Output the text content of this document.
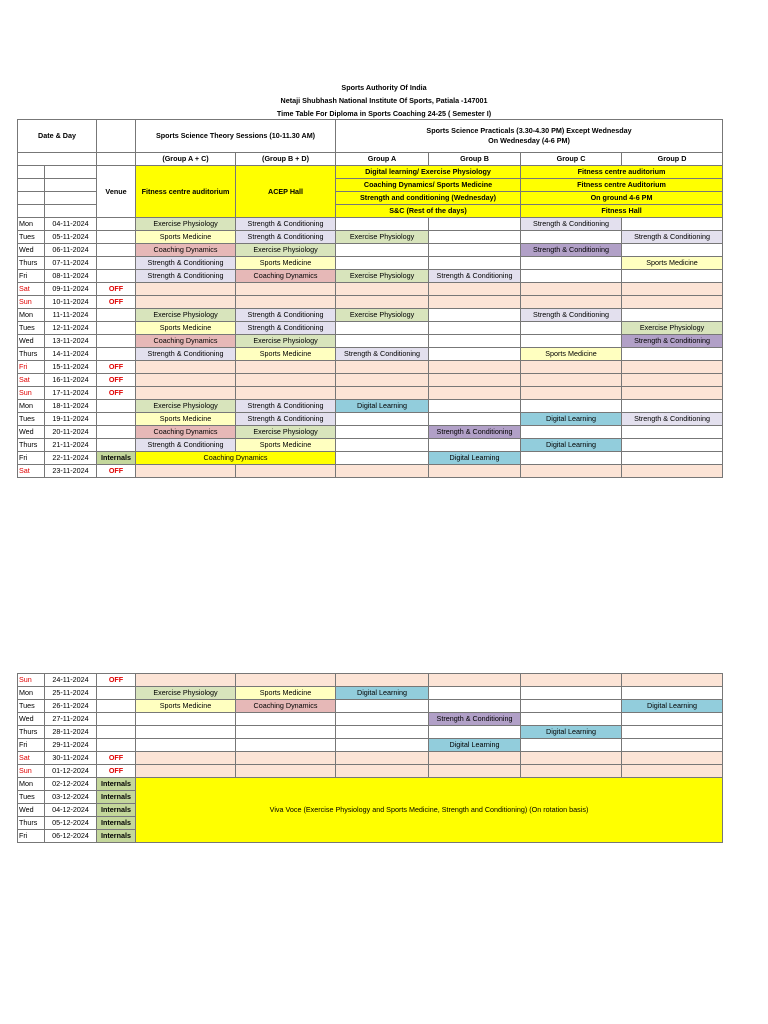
Sports Authority Of India
Netaji Shubhash National Institute Of Sports, Patiala -147001
Time Table For Diploma in Sports Coaching 24-25 ( Semester I)
Date & Day			Sports Science Theory Sessions (10-11.30 AM)		Sports Science Practicals (3.30-4.30 PM) Except Wednesday
On Wednesday (4-6 PM)			

			(Group A + C)	(Group B + D)	Group A	Group B	Group C	Group D
		Venue	Fitness centre auditorium	ACEP Hall	Digital learning/ Exercise Physiology		Fitness centre auditorium	
					Coaching Dynamics/ Sports Medicine		Fitness centre Auditorium	
					Strength and conditioning (Wednesday)		On ground 4-6 PM	
					S&C (Rest of the days)		Fitness Hall	
Mon	04-11-2024		Exercise Physiology	Strength & Conditioning			Strength & Conditioning	
Tues	05-11-2024		Sports Medicine	Strength & Conditioning	Exercise Physiology			Strength & Conditioning
Wed	06-11-2024		Coaching Dynamics	Exercise Physiology			Strength & Conditioning	
Thurs	07-11-2024		Strength & Conditioning	Sports Medicine				Sports Medicine
Fri	08-11-2024		Strength & Conditioning	Coaching Dynamics	Exercise Physiology	Strength & Conditioning		
Sat	09-11-2024	OFF						
Sun	10-11-2024	OFF						
Mon	11-11-2024		Exercise Physiology	Strength & Conditioning	Exercise Physiology		Strength & Conditioning	
Tues	12-11-2024		Sports Medicine	Strength & Conditioning				Exercise Physiology
Wed	13-11-2024		Coaching Dynamics	Exercise Physiology				Strength & Conditioning
Thurs	14-11-2024		Strength & Conditioning	Sports Medicine	Strength & Conditioning		Sports Medicine	
Fri	15-11-2024	OFF						
Sat	16-11-2024	OFF						
Sun	17-11-2024	OFF						
Mon	18-11-2024		Exercise Physiology	Strength & Conditioning	Digital Learning			
Tues	19-11-2024		Sports Medicine	Strength & Conditioning			Digital Learning	Strength & Conditioning
Wed	20-11-2024		Coaching Dynamics	Exercise Physiology		Strength & Conditioning		
Thurs	21-11-2024		Strength & Conditioning	Sports Medicine			Digital Learning	
Fri	22-11-2024	Internals	Coaching Dynamics			Digital Learning		
Sat	23-11-2024	OFF						
Sun	24-11-2024	OFF						
Mon	25-11-2024		Exercise Physiology	Sports Medicine	Digital Learning			
Tues	26-11-2024		Sports Medicine	Coaching Dynamics				Digital Learning
Wed	27-11-2024					Strength & Conditioning		
Thurs	28-11-2024						Digital Learning	
Fri	29-11-2024					Digital Learning		
Sat	30-11-2024	OFF						
Sun	01-12-2024	OFF						
Mon	02-12-2024	Internals	Viva Voce (Exercise Physiology and Sports Medicine, Strength and Conditioning) (On rotation basis)					
Tues	03-12-2024	Internals						
Wed	04-12-2024	Internals						
Thurs	05-12-2024	Internals						
Fri	06-12-2024	Internals						
